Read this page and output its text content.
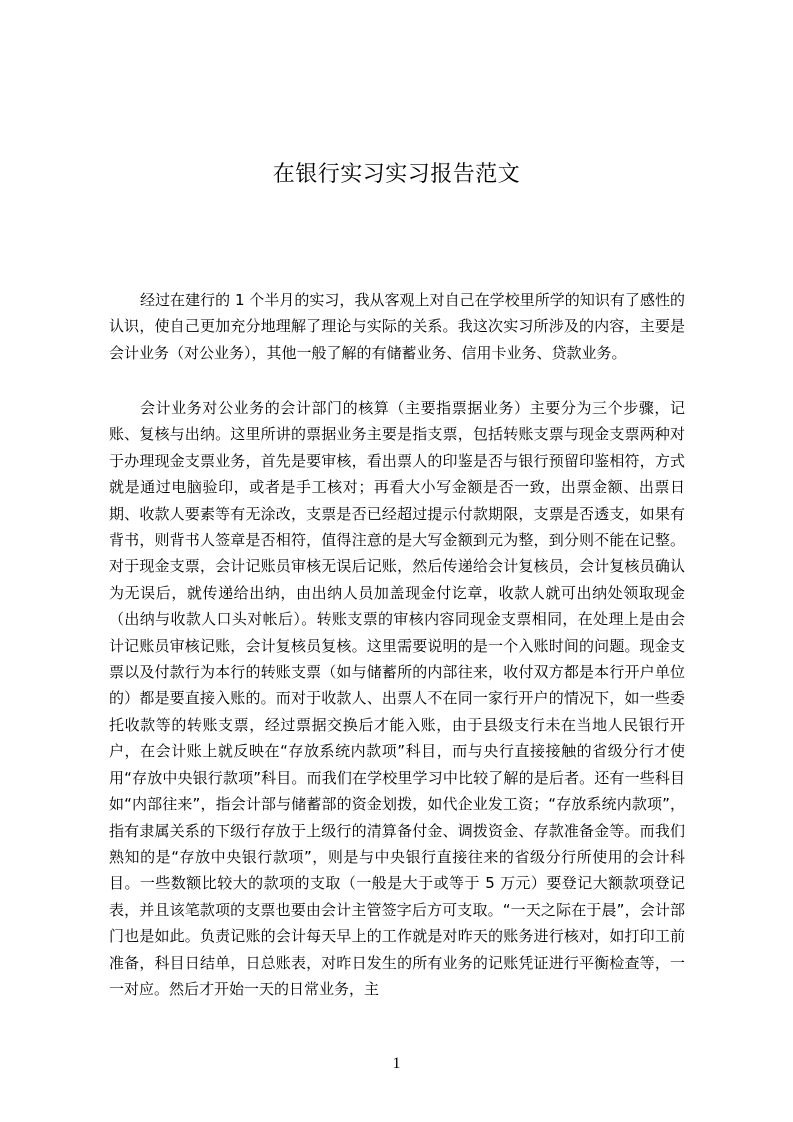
在银行实习实习报告范文

经过在建行的 1 个半月的实习，我从客观上对自己在学校里所学的知识有了感性的认识，使自己更加充分地理解了理论与实际的关系。我这次实习所涉及的内容，主要是会计业务（对公业务），其他一般了解的有储蓄业务、信用卡业务、贷款业务。

会计业务对公业务的会计部门的核算（主要指票据业务）主要分为三个步骤，记账、复核与出纳。这里所讲的票据业务主要是指支票，包括转账支票与现金支票两种对于办理现金支票业务，首先是要审核，看出票人的印鉴是否与银行预留印鉴相符，方式就是通过电脑验印，或者是手工核对；再看大小写金额是否一致，出票金额、出票日期、收款人要素等有无涂改，支票是否已经超过提示付款期限，支票是否透支，如果有背书，则背书人签章是否相符，值得注意的是大写金额到元为整，到分则不能在记整。对于现金支票，会计记账员审核无误后记账，然后传递给会计复核员，会计复核员确认为无误后，就传递给出纳，由出纳人员加盖现金付讫章，收款人就可出纳处领取现金（出纳与收款人口头对帐后）。转账支票的审核内容同现金支票相同，在处理上是由会计记账员审核记账，会计复核员复核。这里需要说明的是一个入账时间的问题。现金支票以及付款行为本行的转账支票（如与储蓄所的内部往来，收付双方都是本行开户单位的）都是要直接入账的。而对于收款人、出票人不在同一家行开户的情况下，如一些委托收款等的转账支票，经过票据交换后才能入账，由于县级支行未在当地人民银行开户，在会计账上就反映在“存放系统内款项”科目，而与央行直接接触的省级分行才使用“存放中央银行款项”科目。而我们在学校里学习中比较了解的是后者。还有一些科目如“内部往来”，指会计部与储蓄部的资金划拨，如代企业发工资；“存放系统内款项”，指有隶属关系的下级行存放于上级行的清算备付金、调拨资金、存款准备金等。而我们熟知的是“存放中央银行款项”，则是与中央银行直接往来的省级分行所使用的会计科目。一些数额比较大的款项的支取（一般是大于或等于 5 万元）要登记大额款项登记表，并且该笔款项的支票也要由会计主管签字后方可支取。“一天之际在于晨”，会计部门也是如此。负责记账的会计每天早上的工作就是对昨天的账务进行核对，如打印工前准备，科目日结单，日总账表，对昨日发生的所有业务的记账凭证进行平衡检查等，一一对应。然后才开始一天的日常业务，主

1
